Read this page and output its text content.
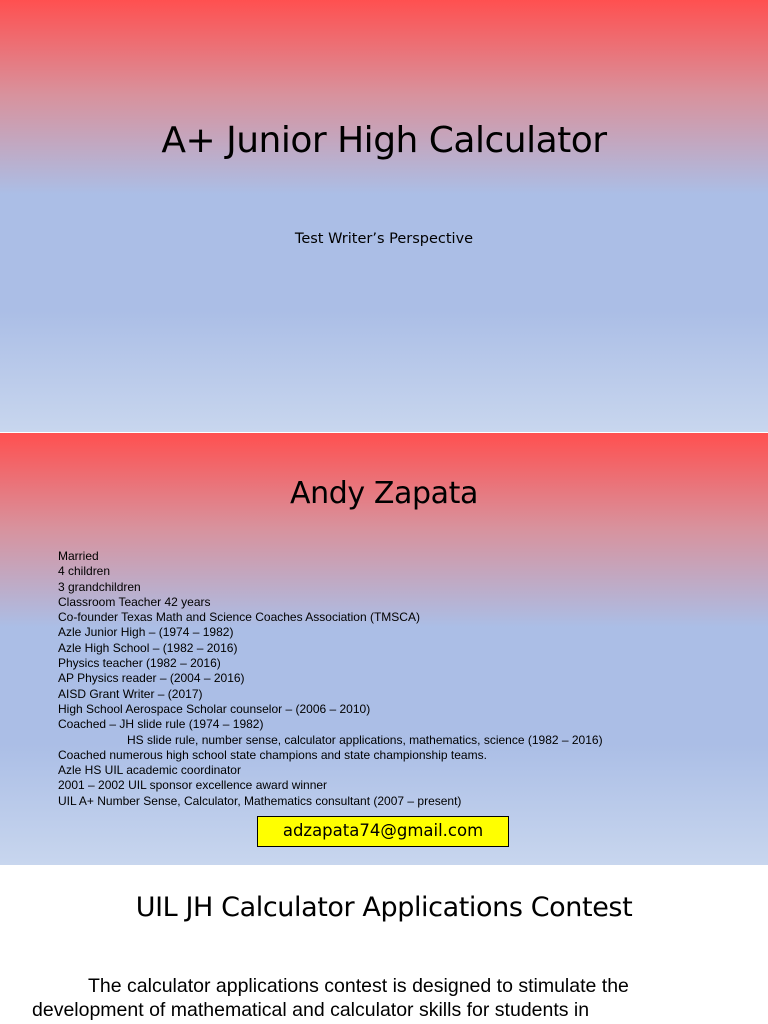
A+ Junior High Calculator
Test Writer’s Perspective
Andy Zapata
Married
4 children
3 grandchildren
Classroom Teacher 42 years
Co-founder Texas Math and Science Coaches Association (TMSCA)
Azle Junior High – (1974 – 1982)
Azle High School – (1982 – 2016)
Physics teacher (1982 – 2016)
AP Physics reader – (2004 – 2016)
AISD Grant Writer – (2017)
High School Aerospace Scholar counselor – (2006 – 2010)
Coached – JH slide rule (1974 – 1982)
HS slide rule, number sense, calculator applications, mathematics, science (1982 – 2016)
Coached numerous high school state champions and state championship teams.
Azle HS UIL academic coordinator
2001 – 2002 UIL sponsor excellence award winner
UIL A+ Number Sense, Calculator, Mathematics consultant (2007 – present)
adzapata74@gmail.com
UIL JH Calculator Applications Contest

The calculator applications contest is designed to stimulate the development of mathematical and calculator skills for students in
